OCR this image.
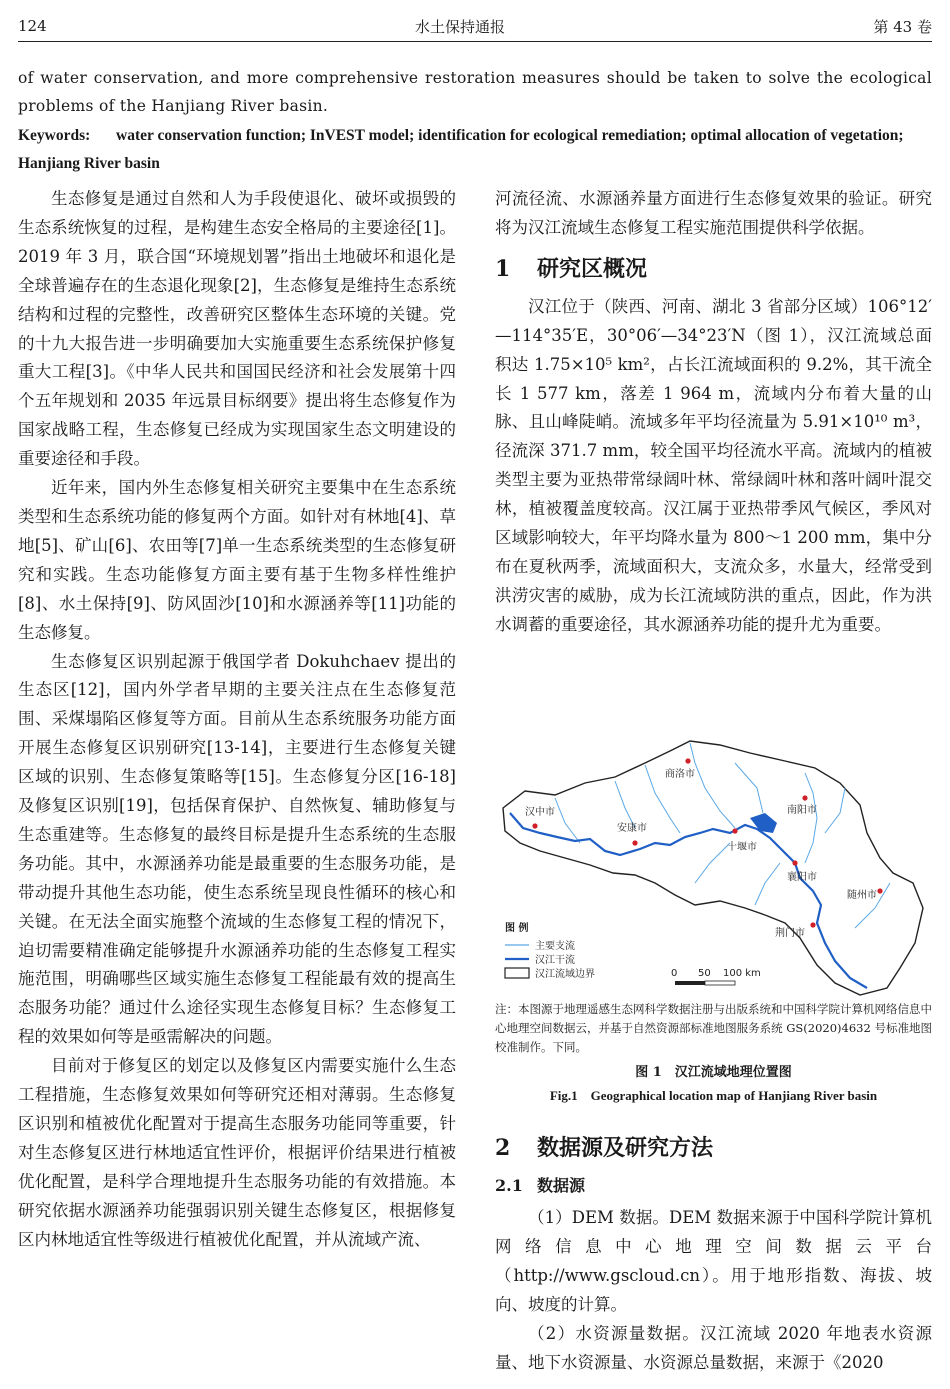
124	水土保持通报	第 43 卷
of water conservation, and more comprehensive restoration measures should be taken to solve the ecological problems of the Hanjiang River basin.
Keywords: water conservation function; InVEST model; identification for ecological remediation; optimal allocation of vegetation; Hanjiang River basin

生态修复是通过自然和人为手段使退化、破坏或损毁的生态系统恢复的过程，是构建生态安全格局的主要途径[1]。2019 年 3 月，联合国“环境规划署”指出土地破坏和退化是全球普遍存在的生态退化现象[2]，生态修复是维持生态系统结构和过程的完整性，改善研究区整体生态环境的关键。党的十九大报告进一步明确要加大实施重要生态系统保护修复重大工程[3]。《中华人民共和国国民经济和社会发展第十四个五年规划和 2035 年远景目标纲要》提出将生态修复作为国家战略工程，生态修复已经成为实现国家生态文明建设的重要途径和手段。

近年来，国内外生态修复相关研究主要集中在生态系统类型和生态系统功能的修复两个方面。如针对有林地[4]、草地[5]、矿山[6]、农田等[7]单一生态系统类型的生态修复研究和实践。生态功能修复方面主要有基于生物多样性维护[8]、水土保持[9]、防风固沙[10]和水源涵养等[11]功能的生态修复。

生态修复区识别起源于俄国学者 Dokuhchaev 提出的生态区[12]，国内外学者早期的主要关注点在生态修复范围、采煤塌陷区修复等方面。目前从生态系统服务功能方面开展生态修复区识别研究[13-14]，主要进行生态修复关键区域的识别、生态修复策略等[15]。生态修复分区[16-18]及修复区识别[19]，包括保育保护、自然恢复、辅助修复与生态重建等。生态修复的最终目标是提升生态系统的生态服务功能。其中，水源涵养功能是最重要的生态服务功能，是带动提升其他生态功能，使生态系统呈现良性循环的核心和关键。在无法全面实施整个流域的生态修复工程的情况下，迫切需要精准确定能够提升水源涵养功能的生态修复工程实施范围，明确哪些区域实施生态修复工程能最有效的提高生态服务功能？通过什么途径实现生态修复目标？生态修复工程的效果如何等是亟需解决的问题。

目前对于修复区的划定以及修复区内需要实施什么生态工程措施，生态修复效果如何等研究还相对薄弱。生态修复区识别和植被优化配置对于提高生态服务功能同等重要，针对生态修复区进行林地适宜性评价，根据评价结果进行植被优化配置，是科学合理地提升生态服务功能的有效措施。本研究依据水源涵养功能强弱识别关键生态修复区，根据修复区内林地适宜性等级进行植被优化配置，并从流域产流、

河流径流、水源涵养量方面进行生态修复效果的验证。研究将为汉江流域生态修复工程实施范围提供科学依据。

1 研究区概况

汉江位于（陕西、河南、湖北 3 省部分区域）106°12′—114°35′E，30°06′—34°23′N（图 1），汉江流域总面积达 1.75×10⁵ km²，占长江流域面积的 9.2%，其干流全长 1 577 km，落差 1 964 m，流域内分布着大量的山脉、且山峰陡峭。流域多年平均径流量为 5.91×10¹⁰ m³，径流深 371.7 mm，较全国平均径流水平高。流域内的植被类型主要为亚热带常绿阔叶林、常绿阔叶林和落叶阔叶混交林，植被覆盖度较高。汉江属于亚热带季风气候区，季风对区域影响较大，年平均降水量为 800～1 200 mm，集中分布在夏秋两季，流域面积大，支流众多，水量大，经常受到洪涝灾害的威胁，成为长江流域防洪的重点，因此，作为洪水调蓄的重要途径，其水源涵养功能的提升尤为重要。

商洛市
南阳市
汉中市
安康市
十堰市
襄阳市
随州市
荆门市
图 例
主要支流
汉江干流
汉江流域边界	0 50 100 km
注：本图源于地理遥感生态网科学数据注册与出版系统和中国科学院计算机网络信息中心地理空间数据云，并基于自然资源部标准地图服务系统 GS(2020)4632 号标准地图校准制作。下同。
图 1　汉江流域地理位置图
Fig.1　Geographical location map of Hanjiang River basin
2 数据源及研究方法
2.1 数据源

（1）DEM 数据。DEM 数据来源于中国科学院计算机网络信息中心地理空间数据云平台（http://www.gscloud.cn）。用于地形指数、海拔、坡向、坡度的计算。

（2）水资源量数据。汉江流域 2020 年地表水资源量、地下水资源量、水资源总量数据，来源于《2020
